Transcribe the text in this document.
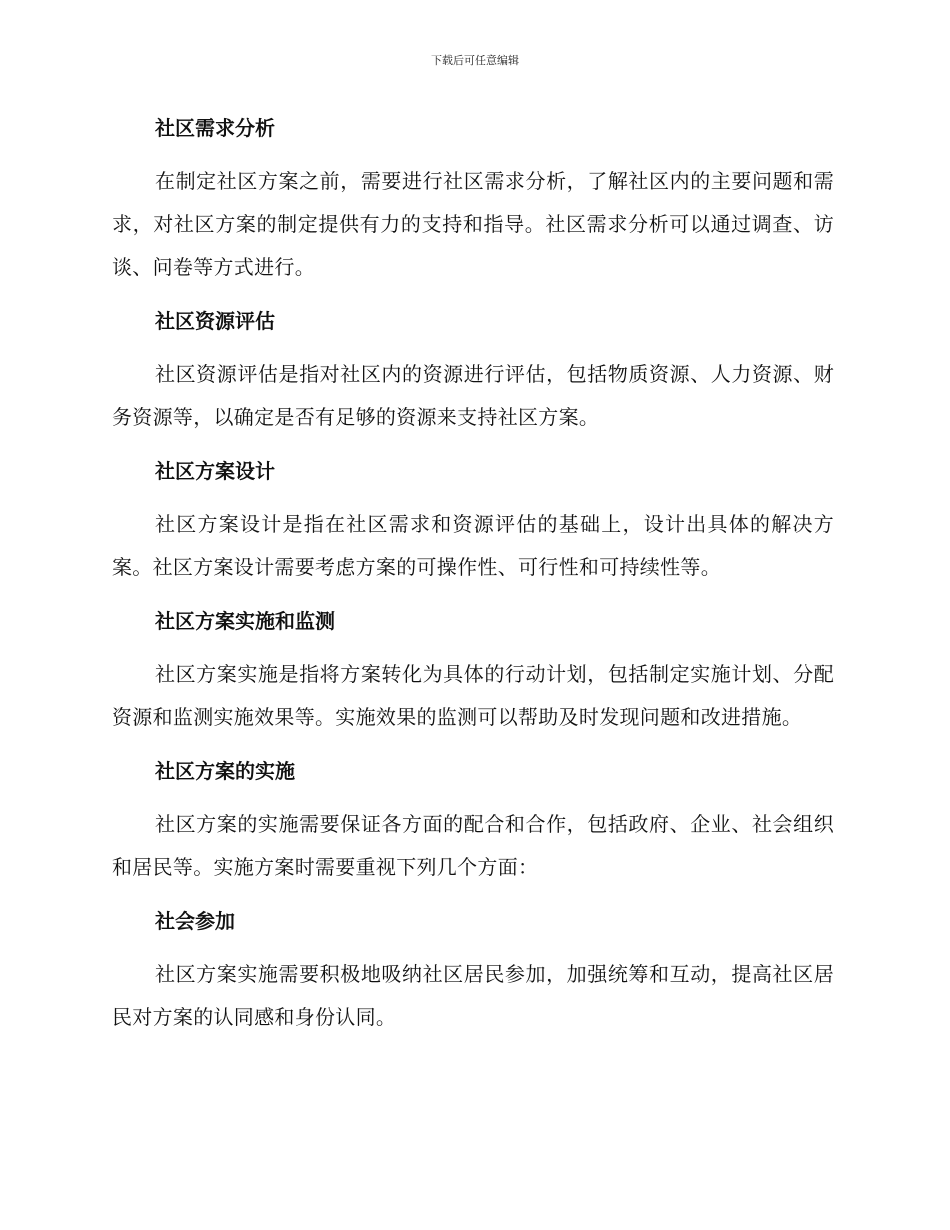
下载后可任意编辑
社区需求分析

在制定社区方案之前，需要进行社区需求分析，了解社区内的主要问题和需求，对社区方案的制定提供有力的支持和指导。社区需求分析可以通过调查、访谈、问卷等方式进行。

社区资源评估

社区资源评估是指对社区内的资源进行评估，包括物质资源、人力资源、财务资源等，以确定是否有足够的资源来支持社区方案。

社区方案设计

社区方案设计是指在社区需求和资源评估的基础上，设计出具体的解决方案。社区方案设计需要考虑方案的可操作性、可行性和可持续性等。

社区方案实施和监测

社区方案实施是指将方案转化为具体的行动计划，包括制定实施计划、分配资源和监测实施效果等。实施效果的监测可以帮助及时发现问题和改进措施。

社区方案的实施

社区方案的实施需要保证各方面的配合和合作，包括政府、企业、社会组织和居民等。实施方案时需要重视下列几个方面：

社会参加

社区方案实施需要积极地吸纳社区居民参加，加强统筹和互动，提高社区居民对方案的认同感和身份认同。
